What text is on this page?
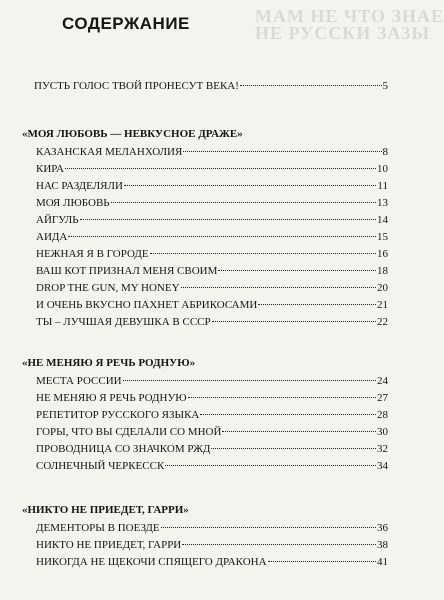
МАМ НЕ ЧТО ЗНАЕ
НЕ РУССКИ ЗАЗЫ
СОДЕРЖАНИЕ
ПУСТЬ ГОЛОС ТВОЙ ПРОНЕСУТ ВЕКА!	5
«МОЯ ЛЮБОВЬ — НЕВКУСНОЕ ДРАЖЕ»
КАЗАНСКАЯ МЕЛАНХОЛИЯ	8
КИРА	10
НАС РАЗДЕЛЯЛИ	11
МОЯ ЛЮБОВЬ	13
АЙГУЛЬ	14
АИДА	15
НЕЖНАЯ Я В ГОРОДЕ	16
ВАШ КОТ ПРИЗНАЛ МЕНЯ СВОИМ	18
DROP THE GUN, MY HONEY	20
И ОЧЕНЬ ВКУСНО ПАХНЕТ АБРИКОСАМИ	21
ТЫ – ЛУЧШАЯ ДЕВУШКА В СССР	22
«НЕ МЕНЯЮ Я РЕЧЬ РОДНУЮ»
МЕСТА РОССИИ	24
НЕ МЕНЯЮ Я РЕЧЬ РОДНУЮ	27
РЕПЕТИТОР РУССКОГО ЯЗЫКА	28
ГОРЫ, ЧТО ВЫ СДЕЛАЛИ СО МНОЙ	30
ПРОВОДНИЦА СО ЗНАЧКОМ РЖД	32
СОЛНЕЧНЫЙ ЧЕРКЕССК	34
«НИКТО НЕ ПРИЕДЕТ, ГАРРИ»
ДЕМЕНТОРЫ В ПОЕЗДЕ	36
НИКТО НЕ ПРИЕДЕТ, ГАРРИ	38
НИКОГДА НЕ ЩЕКОЧИ СПЯЩЕГО ДРАКОНА	41
